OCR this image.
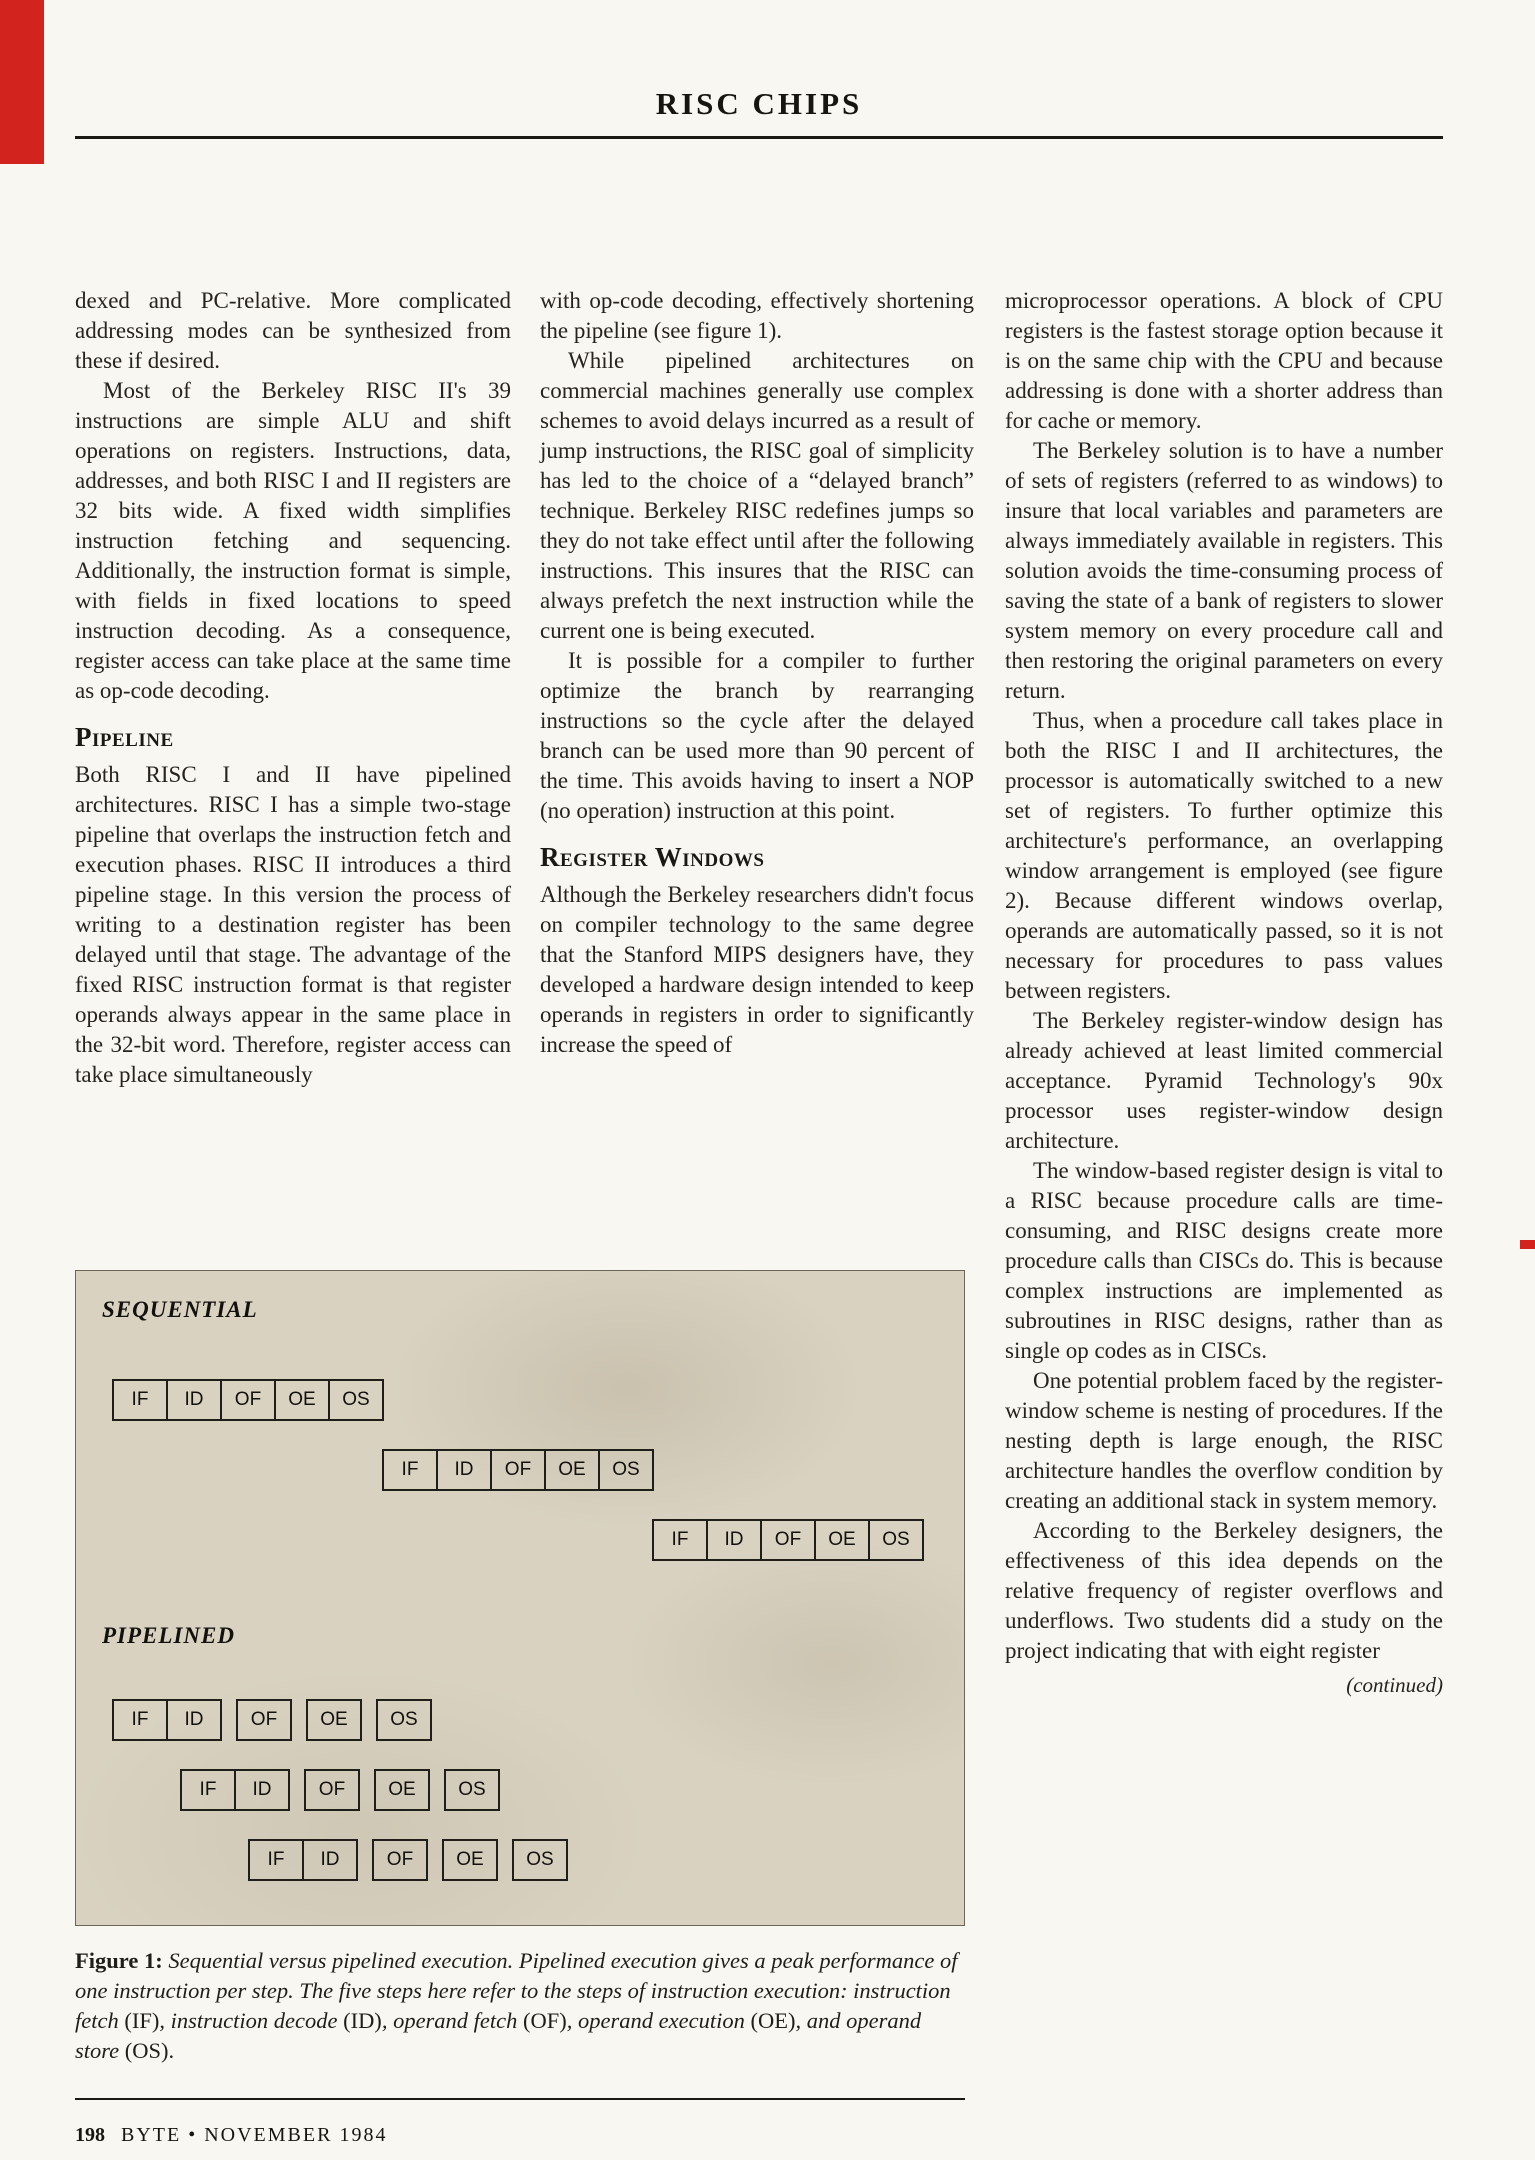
RISC CHIPS

dexed and PC-relative. More complicated addressing modes can be synthesized from these if desired.

Most of the Berkeley RISC II's 39 instructions are simple ALU and shift operations on registers. Instructions, data, addresses, and both RISC I and II registers are 32 bits wide. A fixed width simplifies instruction fetching and sequencing. Additionally, the instruction format is simple, with fields in fixed locations to speed instruction decoding. As a consequence, register access can take place at the same time as op-code decoding.

Pipeline

Both RISC I and II have pipelined architectures. RISC I has a simple two-stage pipeline that overlaps the instruction fetch and execution phases. RISC II introduces a third pipeline stage. In this version the process of writing to a destination register has been delayed until that stage. The advantage of the fixed RISC instruction format is that register operands always appear in the same place in the 32-bit word. Therefore, register access can take place simultaneously

with op-code decoding, effectively shortening the pipeline (see figure 1).

While pipelined architectures on commercial machines generally use complex schemes to avoid delays incurred as a result of jump instructions, the RISC goal of simplicity has led to the choice of a “delayed branch” technique. Berkeley RISC redefines jumps so they do not take effect until after the following instructions. This insures that the RISC can always prefetch the next instruction while the current one is being executed.

It is possible for a compiler to further optimize the branch by rearranging instructions so the cycle after the delayed branch can be used more than 90 percent of the time. This avoids having to insert a NOP (no operation) instruction at this point.

Register Windows

Although the Berkeley researchers didn't focus on compiler technology to the same degree that the Stanford MIPS designers have, they developed a hardware design intended to keep operands in registers in order to significantly increase the speed of

microprocessor operations. A block of CPU registers is the fastest storage option because it is on the same chip with the CPU and because addressing is done with a shorter address than for cache or memory.

The Berkeley solution is to have a number of sets of registers (referred to as windows) to insure that local variables and parameters are always immediately available in registers. This solution avoids the time-consuming process of saving the state of a bank of registers to slower system memory on every procedure call and then restoring the original parameters on every return.

Thus, when a procedure call takes place in both the RISC I and II architectures, the processor is automatically switched to a new set of registers. To further optimize this architecture's performance, an overlapping window arrangement is employed (see figure 2). Because different windows overlap, operands are automatically passed, so it is not necessary for procedures to pass values between registers.

The Berkeley register-window design has already achieved at least limited commercial acceptance. Pyramid Technology's 90x processor uses register-window design architecture.

The window-based register design is vital to a RISC because procedure calls are time-consuming, and RISC designs create more procedure calls than CISCs do. This is because complex instructions are implemented as subroutines in RISC designs, rather than as single op codes as in CISCs.

One potential problem faced by the register-window scheme is nesting of procedures. If the nesting depth is large enough, the RISC architecture handles the overflow condition by creating an additional stack in system memory.

According to the Berkeley designers, the effectiveness of this idea depends on the relative frequency of register overflows and underflows. Two students did a study on the project indicating that with eight register

(continued)

SEQUENTIAL
IF	ID	OF	OE	OS
IF	ID	OF	OE	OS
IF	ID	OF	OE	OS
PIPELINED
IF	ID	OF	OE	OS
IF	ID	OF	OE	OS
IF	ID	OF	OE	OS

Figure 1: Sequential versus pipelined execution. Pipelined execution gives a peak performance of one instruction per step. The five steps here refer to the steps of instruction execution: instruction fetch (IF), instruction decode (ID), operand fetch (OF), operand execution (OE), and operand store (OS).

198 BYTE • NOVEMBER 1984
